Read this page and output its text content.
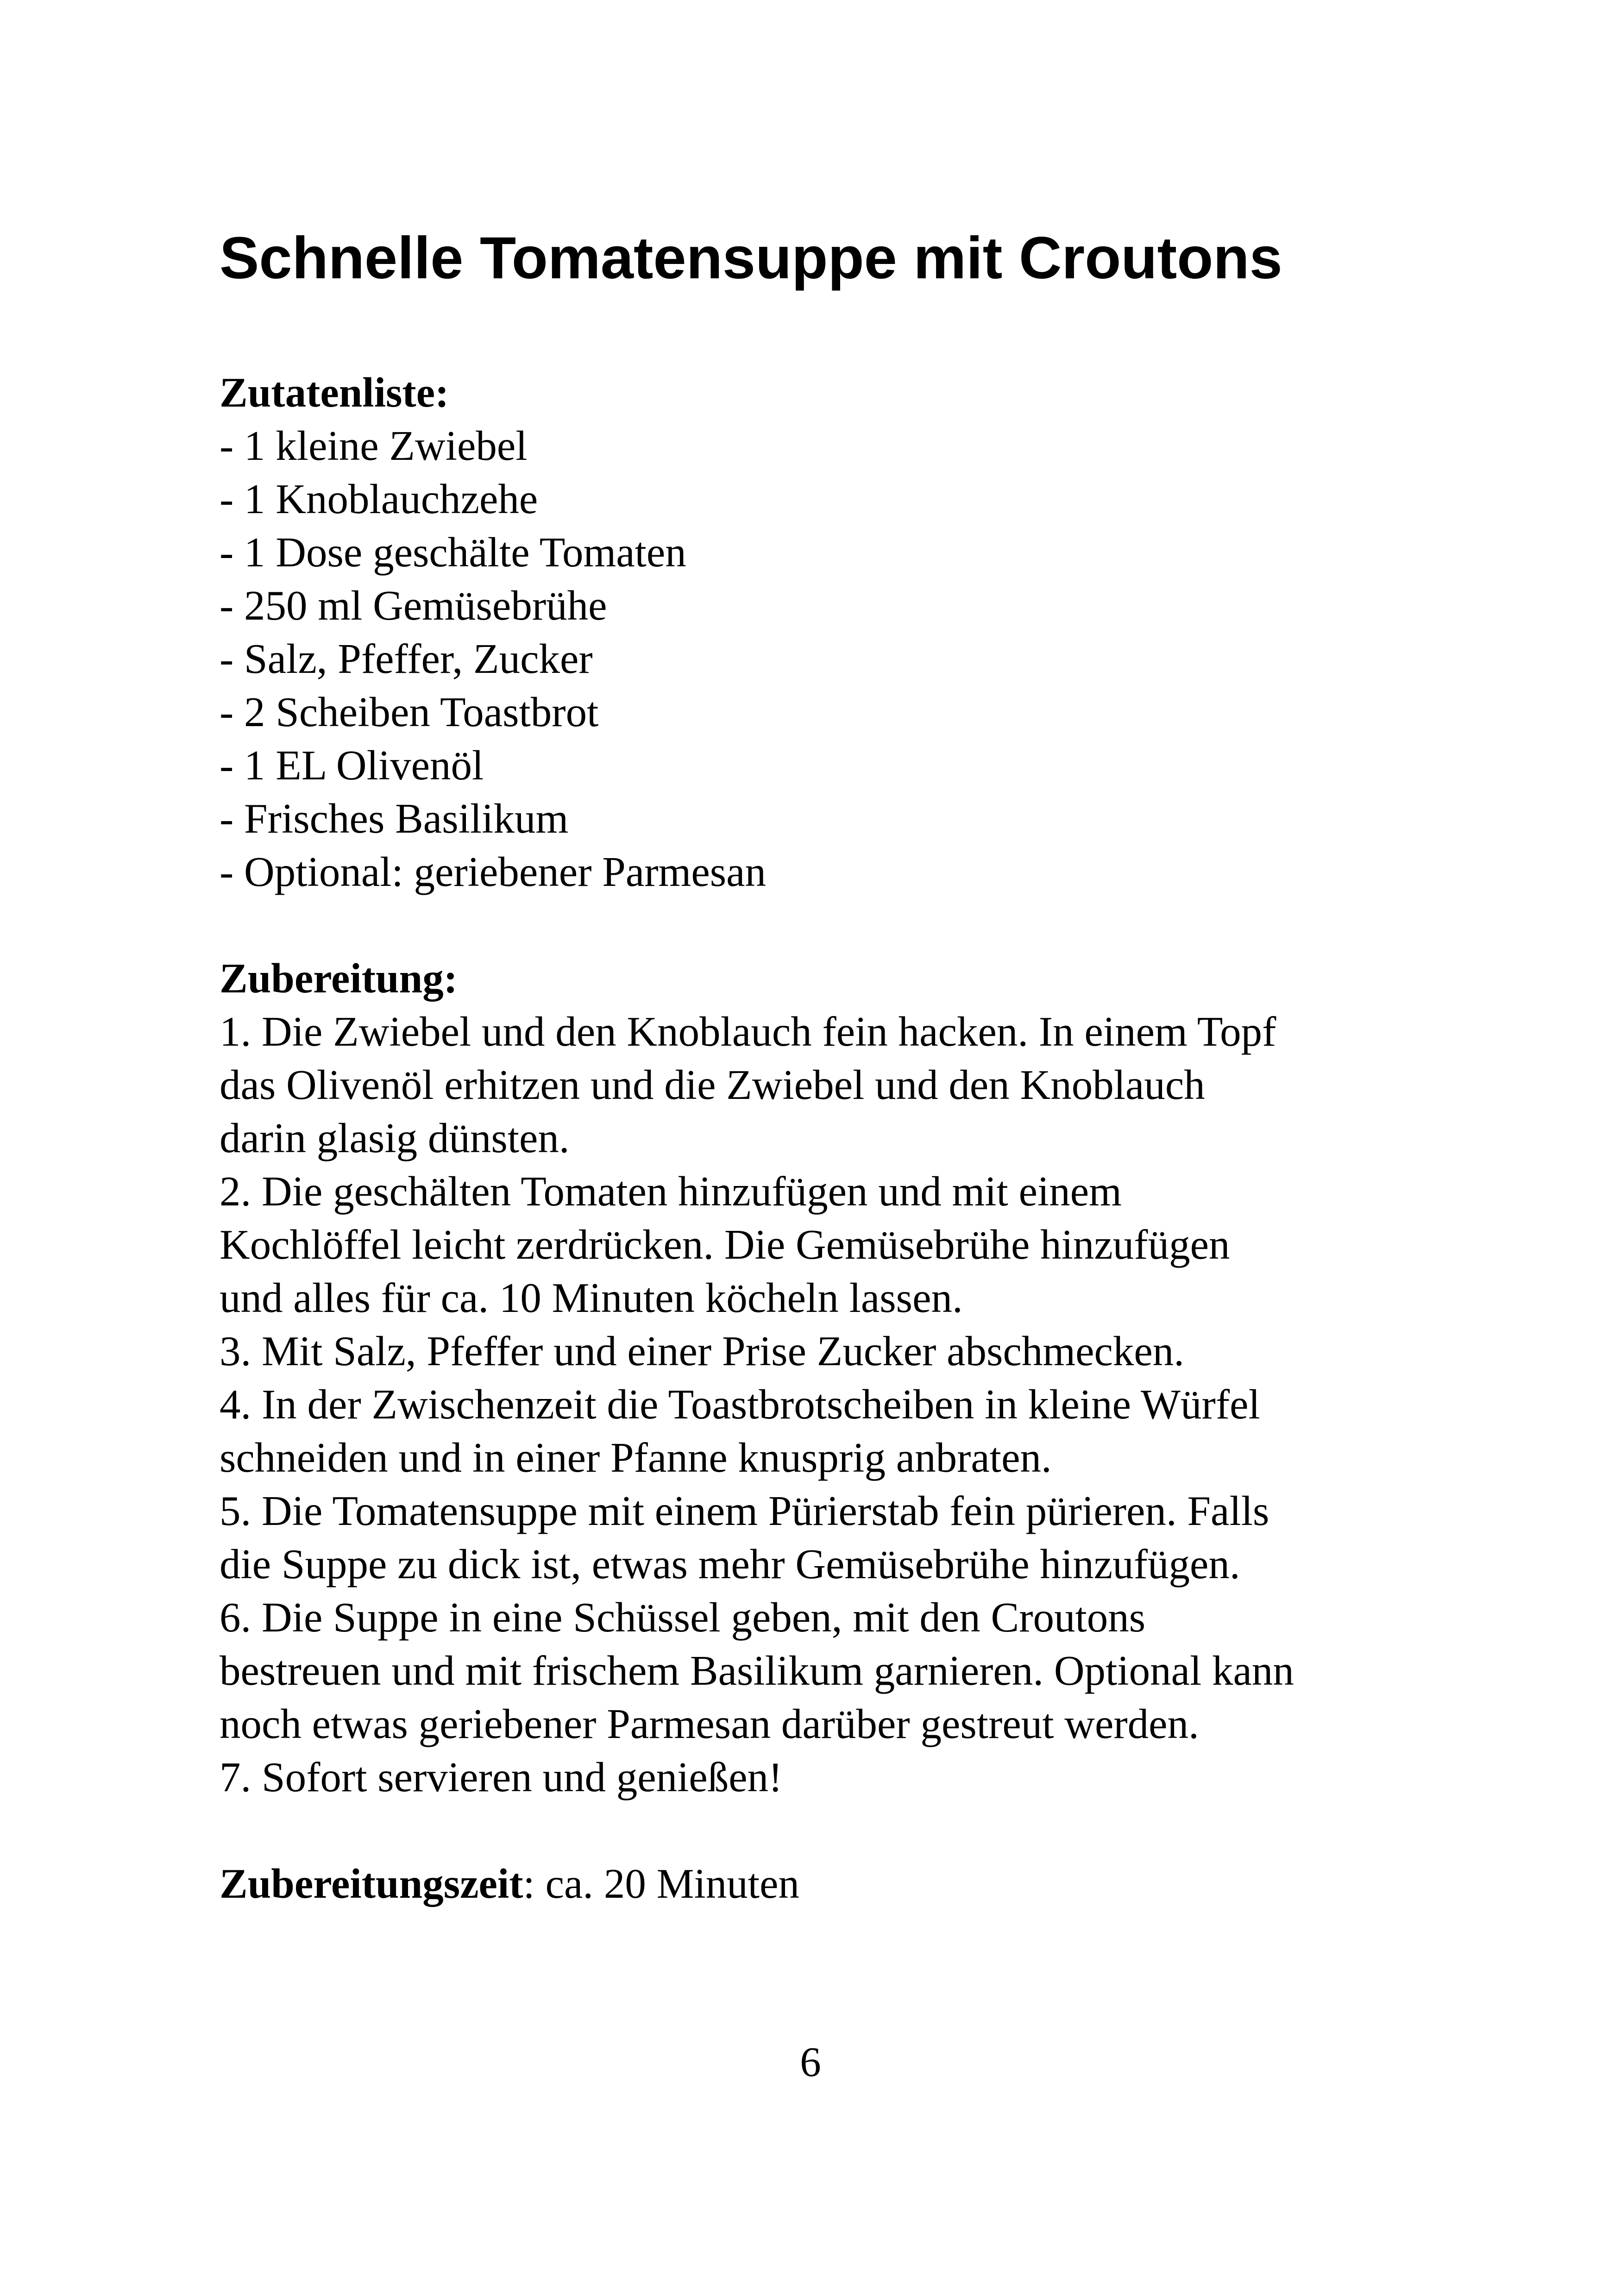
Schnelle Tomatensuppe mit Croutons
Zutatenliste:
- 1 kleine Zwiebel
- 1 Knoblauchzehe
- 1 Dose geschälte Tomaten
- 250 ml Gemüsebrühe
- Salz, Pfeffer, Zucker
- 2 Scheiben Toastbrot
- 1 EL Olivenöl
- Frisches Basilikum
- Optional: geriebener Parmesan
Zubereitung:
1. Die Zwiebel und den Knoblauch fein hacken. In einem Topf
das Olivenöl erhitzen und die Zwiebel und den Knoblauch
darin glasig dünsten.
2. Die geschälten Tomaten hinzufügen und mit einem
Kochlöffel leicht zerdrücken. Die Gemüsebrühe hinzufügen
und alles für ca. 10 Minuten köcheln lassen.
3. Mit Salz, Pfeffer und einer Prise Zucker abschmecken.
4. In der Zwischenzeit die Toastbrotscheiben in kleine Würfel
schneiden und in einer Pfanne knusprig anbraten.
5. Die Tomatensuppe mit einem Pürierstab fein pürieren. Falls
die Suppe zu dick ist, etwas mehr Gemüsebrühe hinzufügen.
6. Die Suppe in eine Schüssel geben, mit den Croutons
bestreuen und mit frischem Basilikum garnieren. Optional kann
noch etwas geriebener Parmesan darüber gestreut werden.
7. Sofort servieren und genießen!
Zubereitungszeit: ca. 20 Minuten
6
